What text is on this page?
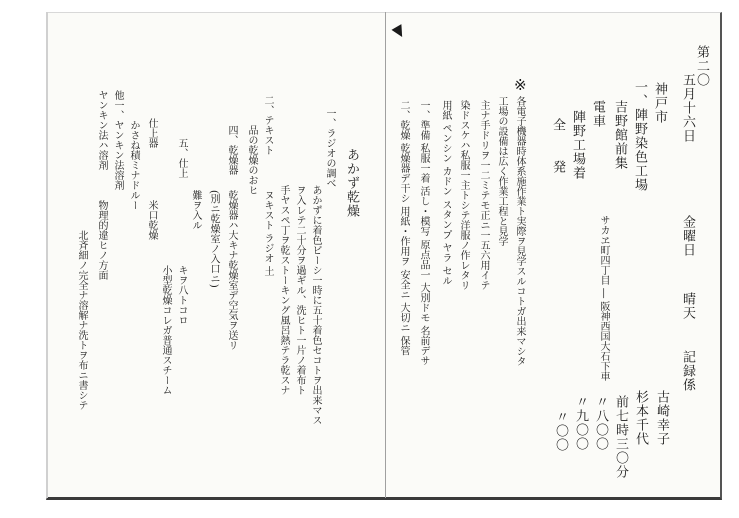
第二〇
五月十六日
金曜日
晴天
記録係
古崎幸子
杉本千代
神戸市
一、陣野染色工場
吉野館前集
電車
陣野工場着
全
発
サカヱ町四丁目 ― 阪神西国大石下車
前七時三〇分
〃八〇〇
〃九〇〇
〃〇〇
※
各電子機器時体系施作業ト実際ヲ見学スルコトガ出来マシタ
工場の設備は広く作業工程と見学
主ナ手ドリヲ一二ミテモ正ニ一五六用イテ
染ドスケハ私服一主トシテ洋服ノ作レタリ
用紙 ペンシン カドン スタンプ ヤラ セル
一、準備 私服一着 活し・模写 原点品一 大別ドモ 名前デサ
二、乾燥 乾燥器デ干シ 用紙・作用ヲ 安全ニ 大切ニ 保管
▼
あかず乾燥
一、ラジオの調べ
あかずに着色ビーシ一時に五十着色セコトヲ出来マス
ヲ入レテ二十分ヲ過ギル、洗ヒト一片ノ着布ト
手ヤスペ丁ヲ乾ストーキング風呂熱テラ乾スナ
二、テキスト
ヌキスト ラジオ 土
品の乾燥のおヒ
四、乾燥器
乾燥器ハ大キナ乾燥室デ空気ヲ送リ
(別ニ乾燥室ノ入口ニ)
難ヲ入ル
五、仕上
キヲ八トコロ
小型乾燥コレガ普通スチーム
仕上器
米口乾燥
かさね積ミナドルー
他一、ヤンキン法溶剤
ヤンキン法ハ溶剤
物理的違ヒノ方面
北斉細ノ完全ナ溶解ナ洗トヲ布ニ書シテ
